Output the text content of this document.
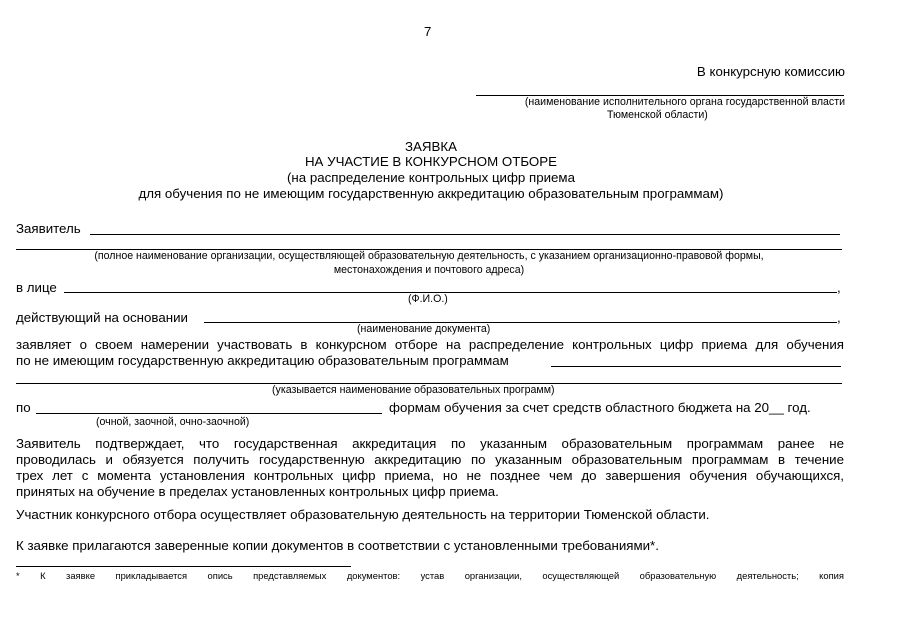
7
В конкурсную комиссию
(наименование исполнительного органа государственной власти
Тюменской области)
ЗАЯВКА
НА УЧАСТИЕ В КОНКУРСНОМ ОТБОРЕ
(на распределение контрольных цифр приема
для обучения по не имеющим государственную аккредитацию образовательным программам)
Заявитель
(полное наименование организации, осуществляющей образовательную деятельность, с указанием организационно-правовой формы,
местонахождения и почтового адреса)
в лице	,
(Ф.И.О.)
действующий на основании	,
(наименование документа)
заявляет о своем намерении участвовать в конкурсном отборе на распределение контрольных цифр приема для обучения
по не имеющим государственную аккредитацию образовательным программам
(указывается наименование образовательных программ)
по	формам обучения за счет средств областного бюджета на 20__ год.
(очной, заочной, очно-заочной)
Заявитель подтверждает, что государственная аккредитация по указанным образовательным программам ранее не
проводилась и обязуется получить государственную аккредитацию по указанным образовательным программам в течение
трех лет с момента установления контрольных цифр приема, но не позднее чем до завершения обучения обучающихся,
принятых на обучение в пределах установленных контрольных цифр приема.
Участник конкурсного отбора осуществляет образовательную деятельность на территории Тюменской области.
К заявке прилагаются заверенные копии документов в соответствии с установленными требованиями*.
* К заявке прикладывается опись представляемых документов: устав организации, осуществляющей образовательную деятельность; копия
